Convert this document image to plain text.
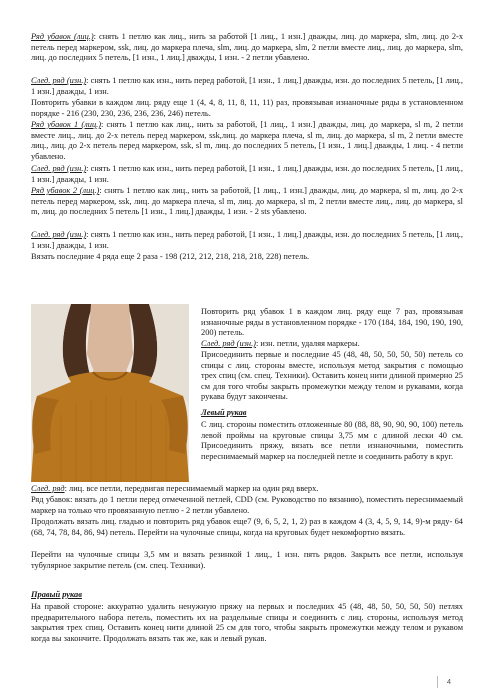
Ряд убавок (лиц.): снять 1 петлю как лиц., нить за работой [1 лиц., 1 изн.] дважды, лиц. до маркера, slm, лиц. до 2-х петель перед маркером, ssk, лиц. до маркера плеча, slm, лиц. до маркера, slm, 2 петли вместе лиц., лиц. до маркера, slm, лиц. до последних 5 петель, [1 изн., 1 лиц.] дважды, 1 изн. - 2 петли убавлено.

След. ряд (изн.): снять 1 петлю как изн., нить перед работой, [1 изн., 1 лиц.] дважды, изн. до последних 5 петель, [1 лиц., 1 изн.] дважды, 1 изн.

Повторить убавки в каждом лиц. ряду еще 1 (4, 4, 8, 11, 8, 11, 11) раз, провязывая изнаночные ряды в установленном порядке - 216 (230, 230, 236, 236, 236, 246) петель.

Ряд убавок 1 (лиц.): снять 1 петлю как лиц., нить за работой, [1 лиц., 1 изн.] дважды, лиц. до маркера, sl m, 2 петли вместе лиц., лиц. до 2-х петель перед маркером, ssk,лиц. до маркера плеча, sl m, лиц. до маркера, sl m, 2 петли вместе лиц., лиц. до 2-х петель перед маркером, ssk, sl m, лиц. до последних 5 петель, [1 изн., 1 лиц.] дважды, 1 лиц. - 4 петли убавлено.

След. ряд (изн.): снять 1 петлю как изн., нить перед работой, [1 изн., 1 лиц.] дважды, изн. до последних 5 петель, [1 лиц., 1 изн.] дважды, 1 изн.

Ряд убавок 2 (лиц.): снять 1 петлю как лиц., нить за работой, [1 лиц., 1 изн.] дважды, лиц. до маркера, sl m, лиц. до 2-х петель перед маркером, ssk, лиц. до маркера плеча, sl m, лиц. до маркера, sl m, 2 петли вместе лиц., лиц. до маркера, sl m, лиц. до последних 5 петель [1 изн., 1 лиц.] дважды, 1 изн. - 2 sts убавлено.

След. ряд (изн.): снять 1 петлю как изн., нить перед работой, [1 изн., 1 лиц.] дважды, изн. до последних 5 петель, [1 лиц., 1 изн.] дважды, 1 изн.

Вязать последние 4 ряда еще 2 раза - 198 (212, 212, 218, 218, 218, 228) петель.

Повторить ряд убавок 1 в каждом лиц. ряду еще 7 раз, провязывая изнаночные ряды в установленном порядке - 170 (184, 184, 190, 190, 190, 200) петель.

След. ряд (изн.): изн. петли, удаляя маркеры.

Присоединить первые и последние 45 (48, 48, 50, 50, 50, 50) петель со спицы с лиц. стороны вместе, используя метод закрытия с помощью трех спиц (см. спец. Техники). Оставить конец нити длиной примерно 25 см для того чтобы закрыть промежутки между телом и рукавами, когда рукава будут закончены.

Левый рукав

С лиц. стороны поместить отложенные 80 (88, 88, 90, 90, 90, 100) петель левой проймы на круговые спицы 3,75 мм с длиной лески 40 см. Присоединить пряжу, вязать все петли изнаночными, поместить переснимаемый маркер на последней петле и соединить работу в круг.

След. ряд: лиц. все петли, передвигая переснимаемый маркер на один ряд вверх.

Ряд убавок: вязать до 1 петли перед отмеченной петлей, CDD (см. Руководство по вязанию), поместить переснимаемый маркер на только что провязанную петлю - 2 петли убавлено.

Продолжать вязать лиц. гладью и повторить ряд убавок еще7 (9, 6, 5, 2, 1, 2) раз в каждом 4 (3, 4, 5, 9, 14, 9)-м ряду- 64 (68, 74, 78, 84, 86, 94) петель. Перейти на чулочные спицы, когда на круговых будет некомфортно вязать.

Перейти на чулочные спицы 3,5 мм и вязать резинкой 1 лиц., 1 изн. пять рядов. Закрыть все петли, используя тубулярное закрытие петель (см. спец. Техники).

Правый рукав

На правой стороне: аккуратно удалить ненужную пряжу на первых и последних 45 (48, 48, 50, 50, 50, 50) петлях предварительного набора петель, поместить их на раздельные спицы и соединить с лиц. стороны, используя метод закрытия трех спиц. Оставить конец нити длиной 25 см для того, чтобы закрыть промежутки между телом и рукавом когда вы закончите. Продолжать вязать так же, как и левый рукав.

4
